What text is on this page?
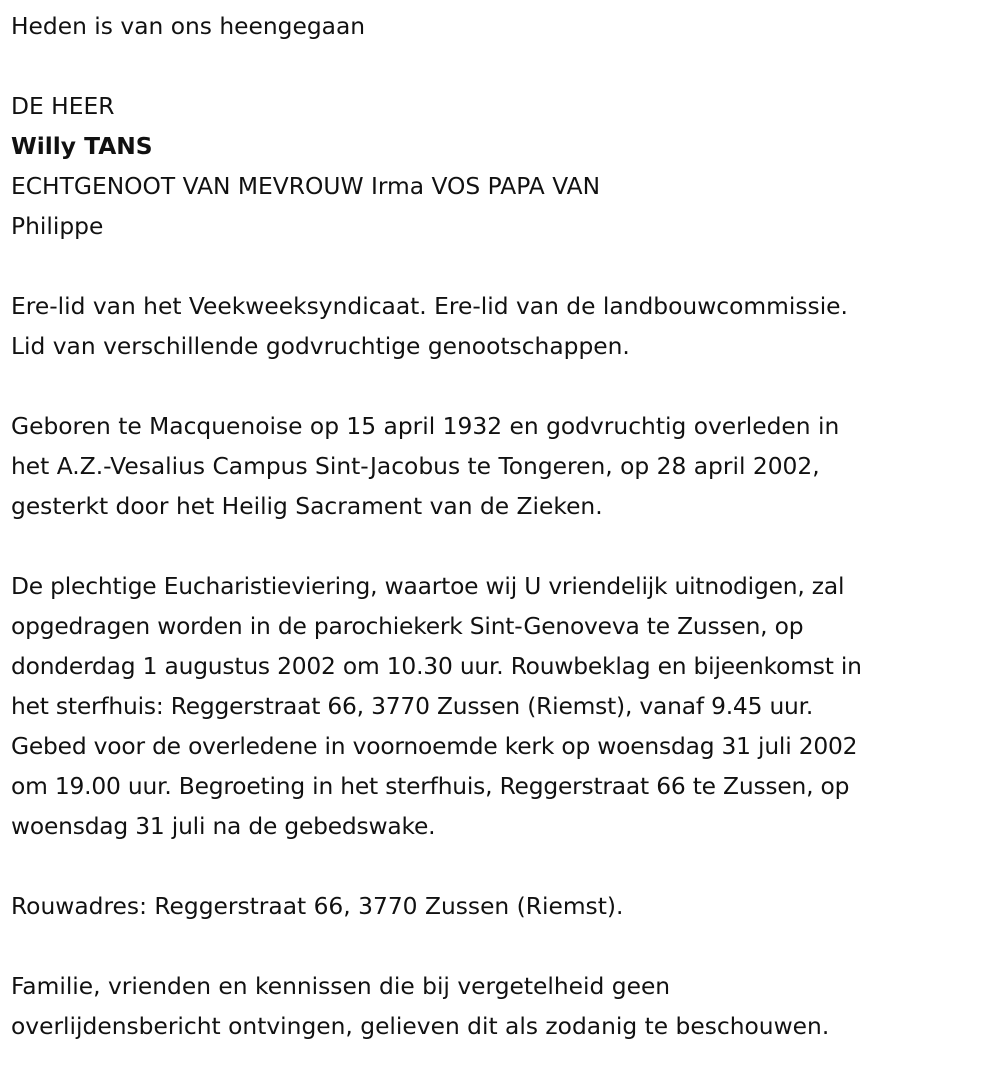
Heden is van ons heengegaan
DE HEER
Willy TANS
ECHTGENOOT VAN MEVROUW Irma VOS PAPA VAN
Philippe
Ere-lid van het Veekweeksyndicaat. Ere-lid van de landbouwcommissie.
Lid van verschillende godvruchtige genootschappen.
Geboren te Macquenoise op 15 april 1932 en godvruchtig overleden in
het A.Z.-Vesalius Campus Sint-Jacobus te Tongeren, op 28 april 2002,
gesterkt door het Heilig Sacrament van de Zieken.
De plechtige Eucharistieviering, waartoe wij U vriendelijk uitnodigen, zal
opgedragen worden in de parochiekerk Sint-Genoveva te Zussen, op
donderdag 1 augustus 2002 om 10.30 uur. Rouwbeklag en bijeenkomst in
het sterfhuis: Reggerstraat 66, 3770 Zussen (Riemst), vanaf 9.45 uur.
Gebed voor de overledene in voornoemde kerk op woensdag 31 juli 2002
om 19.00 uur. Begroeting in het sterfhuis, Reggerstraat 66 te Zussen, op
woensdag 31 juli na de gebedswake.
Rouwadres: Reggerstraat 66, 3770 Zussen (Riemst).
Familie, vrienden en kennissen die bij vergetelheid geen
overlijdensbericht ontvingen, gelieven dit als zodanig te beschouwen.
